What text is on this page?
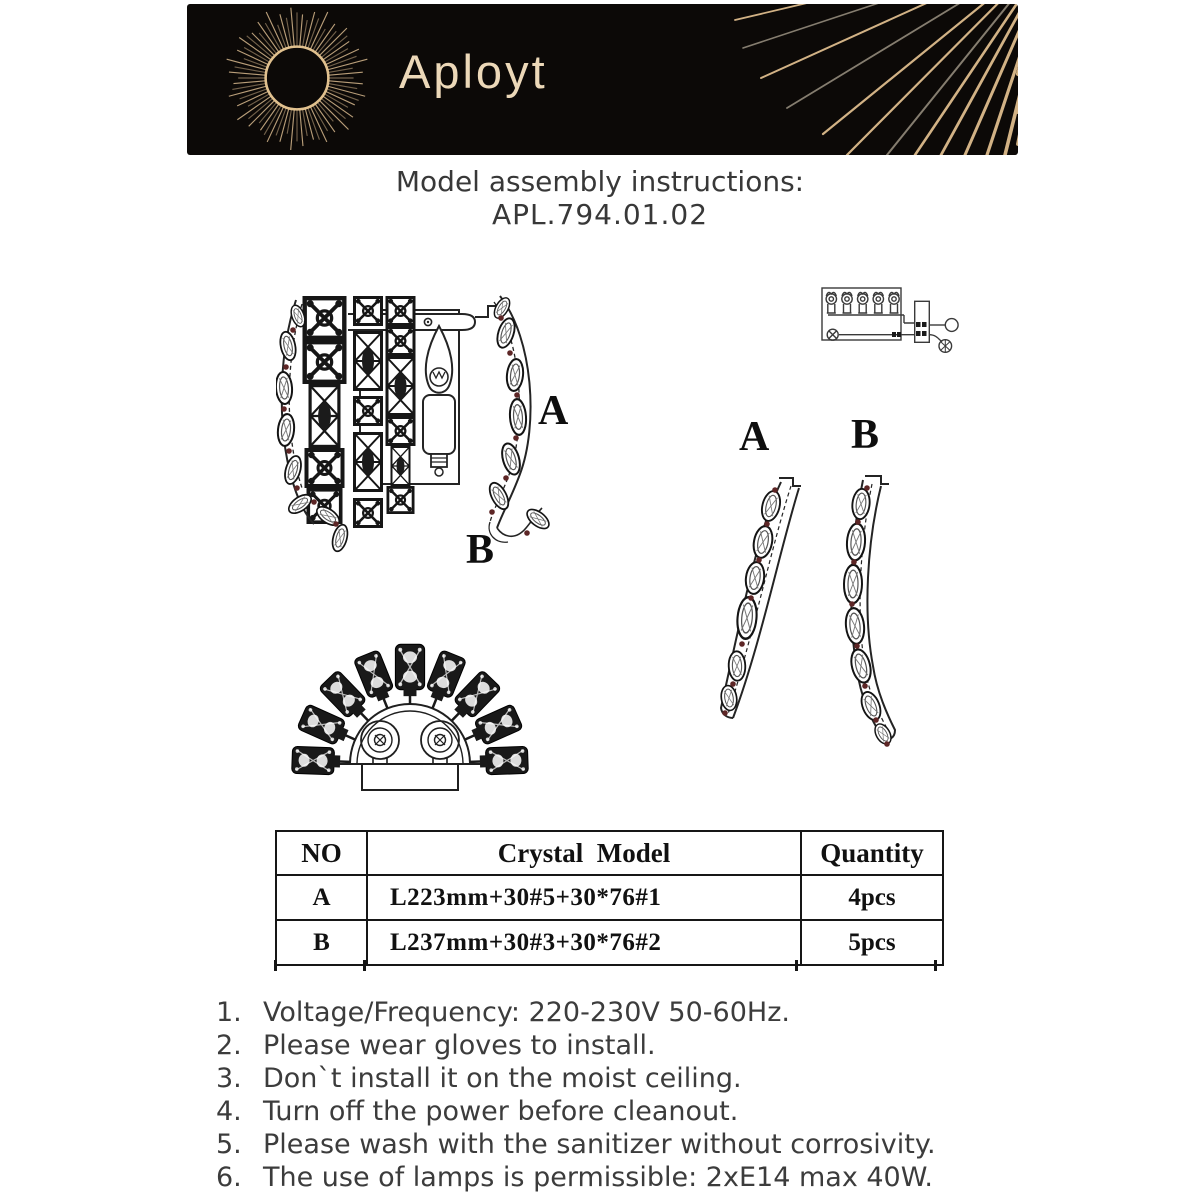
Aployt
Model assembly instructions:
APL.794.01.02
A
B
A B
NO	Crystal  Model	Quantity
A	L223mm+30#5+30*76#1	4pcs
B	L237mm+30#3+30*76#2	5pcs
1. Voltage/Frequency: 220-230V 50-60Hz.
2. Please wear gloves to install.
3. Don`t install it on the moist ceiling.
4. Turn off the power before cleanout.
5. Please wash with the sanitizer without corrosivity.
6. The use of lamps is permissible: 2xE14 max 40W.
